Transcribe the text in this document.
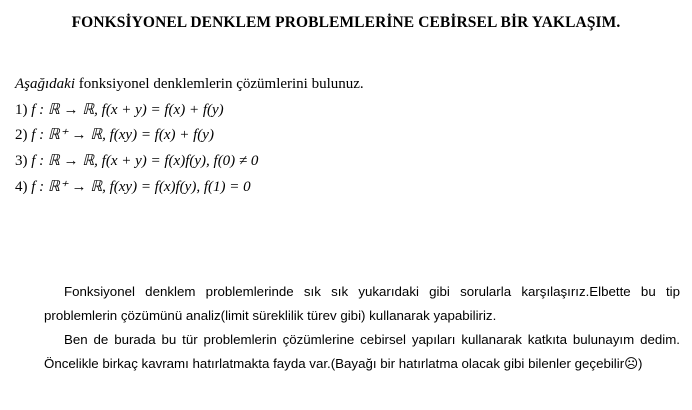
FONKSİYONEL DENKLEM PROBLEMLERİNE CEBİRSEL BİR YAKLAŞIM.
Aşağıdaki fonksiyonel denklemlerin çözümlerini bulunuz.
1) f : ℝ → ℝ, f(x + y) = f(x) + f(y)
2) f : ℝ⁺ → ℝ, f(xy) = f(x) + f(y)
3) f : ℝ → ℝ, f(x + y) = f(x)f(y), f(0) ≠ 0
4) f : ℝ⁺ → ℝ, f(xy) = f(x)f(y), f(1) = 0
Fonksiyonel denklem problemlerinde sık sık yukarıdaki gibi sorularla karşılaşırız.Elbette bu tip problemlerin çözümünü analiz(limit süreklilik türev gibi) kullanarak yapabiliriz.
Ben de burada bu tür problemlerin çözümlerine cebirsel yapıları kullanarak katkıta bulunayım dedim. Öncelikle birkaç kavramı hatırlatmakta fayda var.(Bayağı bir hatırlatma olacak gibi bilenler geçebilir☹)
